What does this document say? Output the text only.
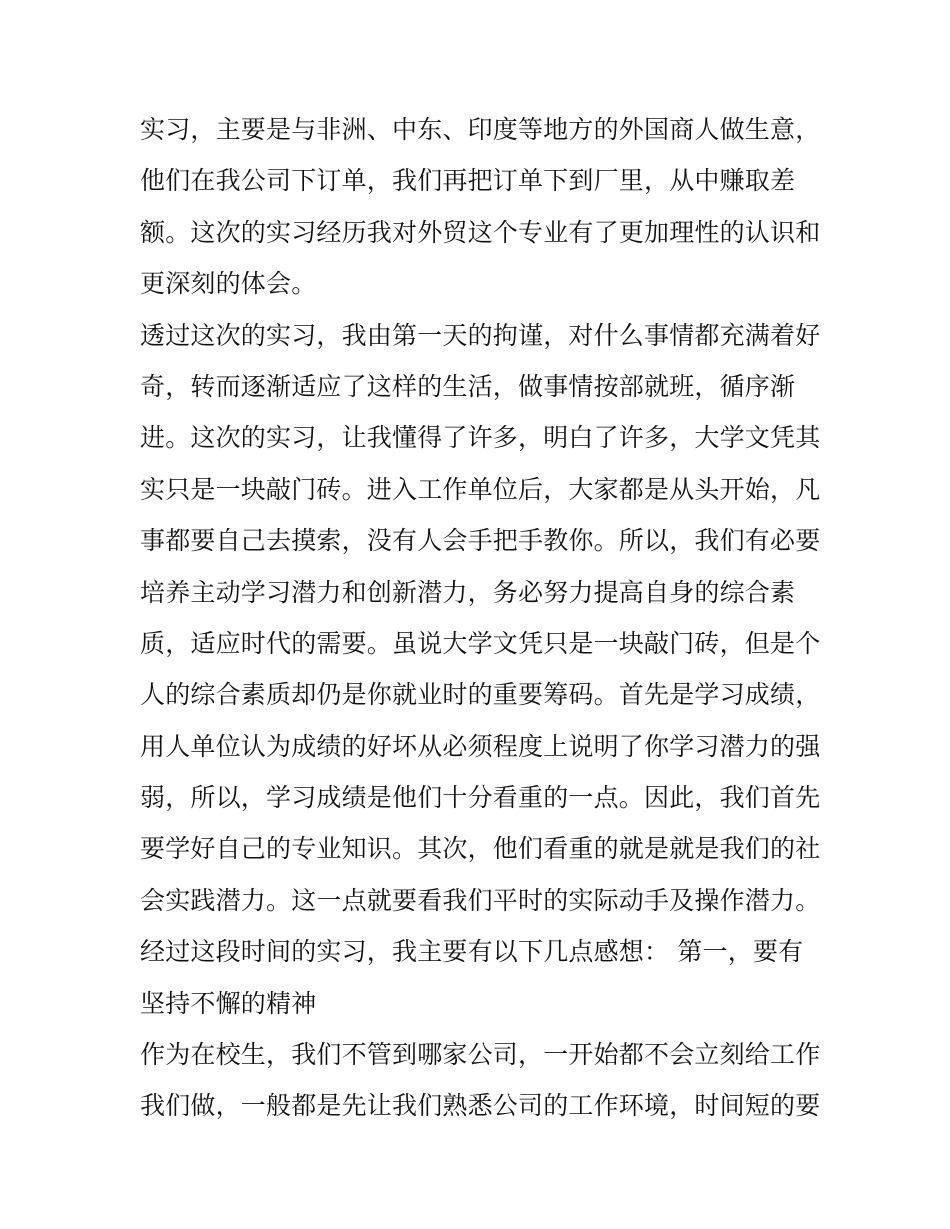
实习，主要是与非洲、中东、印度等地方的外国商人做生意，
他们在我公司下订单，我们再把订单下到厂里，从中赚取差
额。这次的实习经历我对外贸这个专业有了更加理性的认识和
更深刻的体会。
透过这次的实习，我由第一天的拘谨，对什么事情都充满着好
奇，转而逐渐适应了这样的生活，做事情按部就班，循序渐
进。这次的实习，让我懂得了许多，明白了许多，大学文凭其
实只是一块敲门砖。进入工作单位后，大家都是从头开始，凡
事都要自己去摸索，没有人会手把手教你。所以，我们有必要
培养主动学习潜力和创新潜力，务必努力提高自身的综合素
质，适应时代的需要。虽说大学文凭只是一块敲门砖，但是个
人的综合素质却仍是你就业时的重要筹码。首先是学习成绩，
用人单位认为成绩的好坏从必须程度上说明了你学习潜力的强
弱，所以，学习成绩是他们十分看重的一点。因此，我们首先
要学好自己的专业知识。其次，他们看重的就是就是我们的社
会实践潜力。这一点就要看我们平时的实际动手及操作潜力。
经过这段时间的实习，我主要有以下几点感想： 第一，要有
坚持不懈的精神
作为在校生，我们不管到哪家公司，一开始都不会立刻给工作
我们做，一般都是先让我们熟悉公司的工作环境，时间短的要
